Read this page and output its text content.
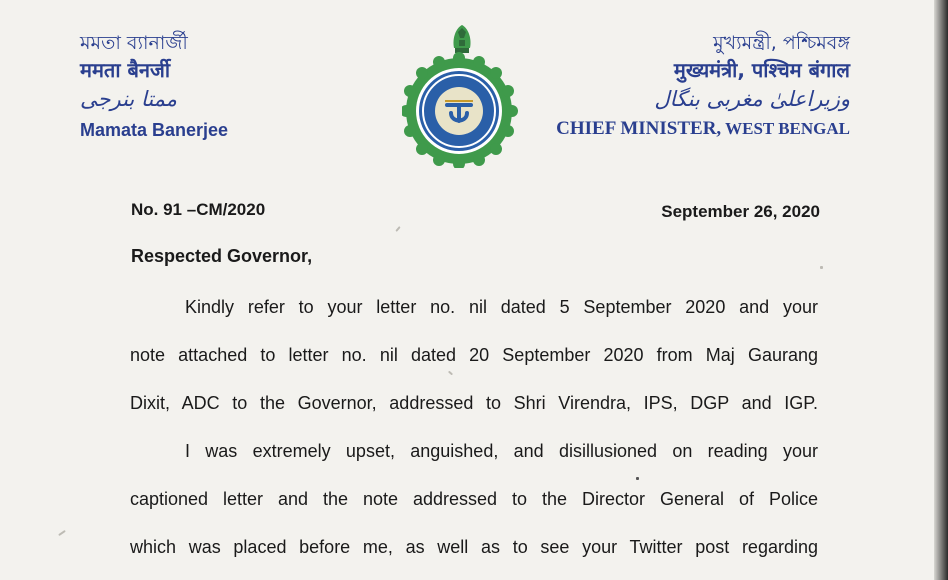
মমতা ব্যানার্জী

ममता बैनर्जी

ممتا بنرجی

Mamata Banerjee

মুখ্যমন্ত্রী, পশ্চিমবঙ্গ

मुख्यमंत्री, पश्चिम बंगाल

وزیراعلیٰ مغربی بنگال

CHIEF MINISTER, WEST BENGAL

No. 91 –CM/2020	September 26, 2020
Respected Governor,
Kindly refer to your letter no. nil dated 5 September 2020 and your
note attached to letter no. nil dated 20 September 2020 from Maj Gaurang
Dixit, ADC to the Governor, addressed to Shri Virendra, IPS, DGP and IGP.
I was extremely upset, anguished, and disillusioned on reading your
captioned letter and the note addressed to the Director General of Police
which was placed before me, as well as to see your Twitter post regarding
